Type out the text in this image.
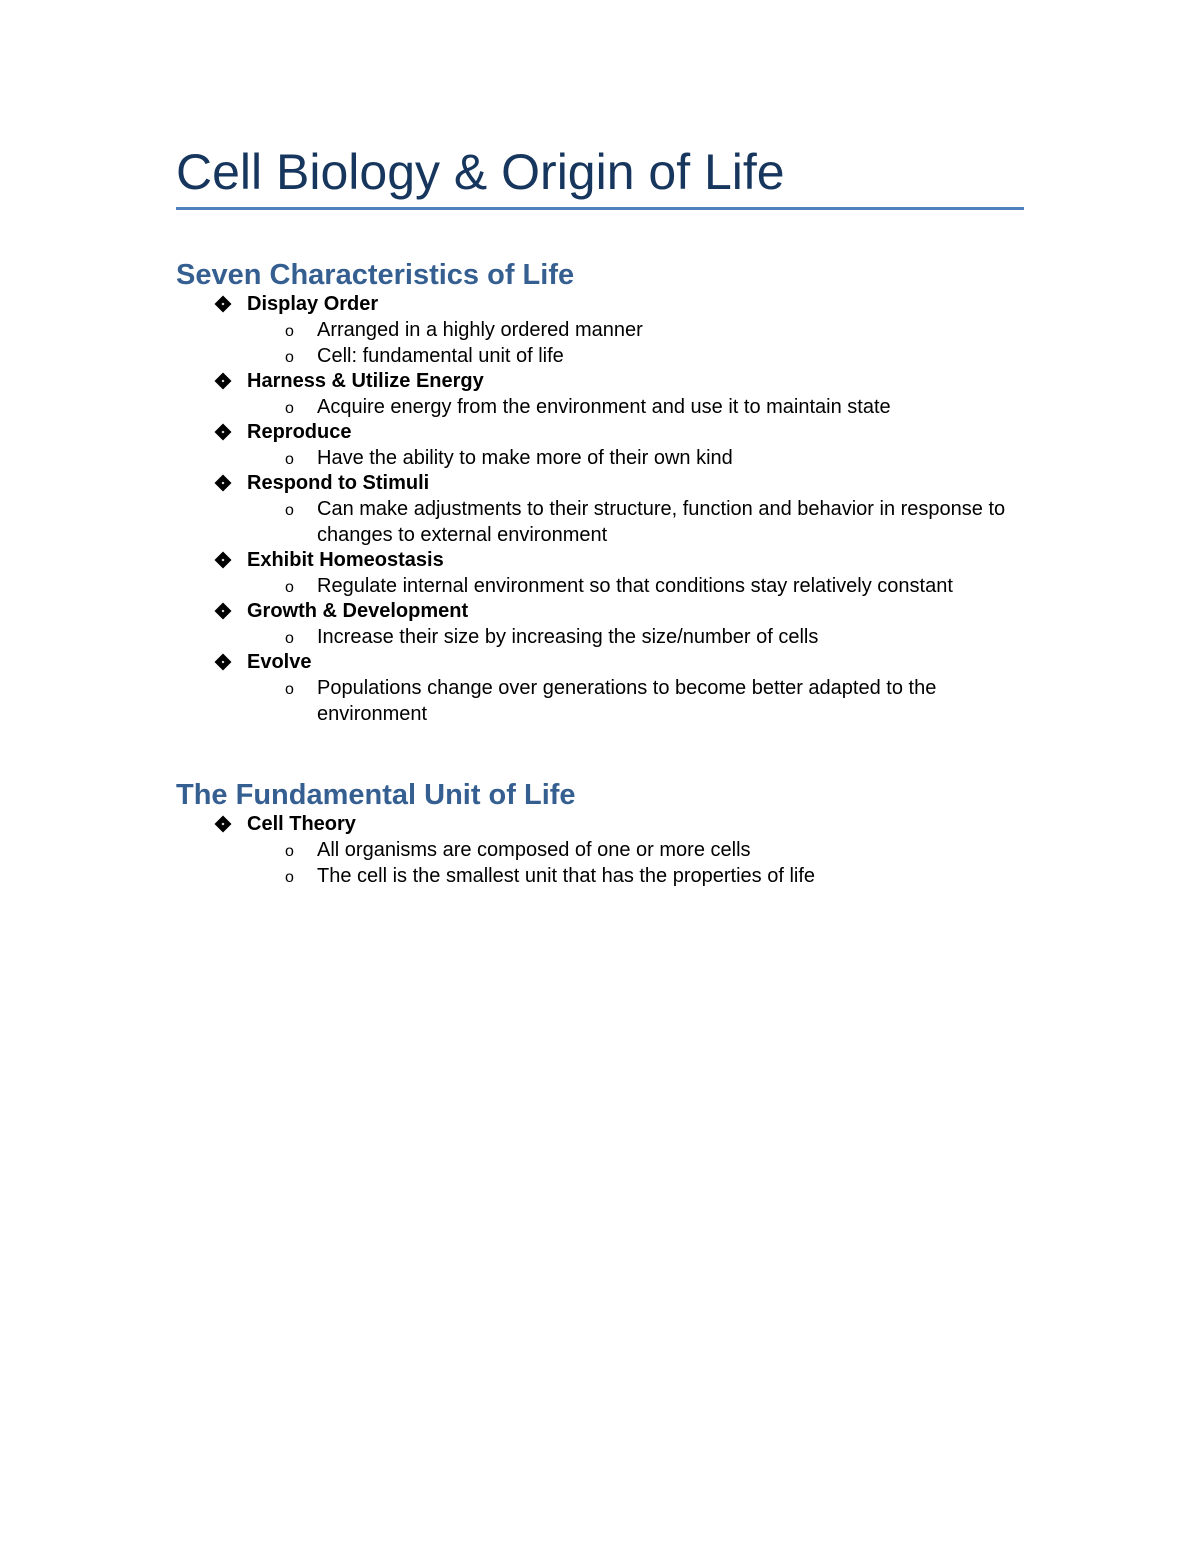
Cell Biology & Origin of Life
Seven Characteristics of Life
Display Order
o Arranged in a highly ordered manner
o Cell: fundamental unit of life
Harness & Utilize Energy
o Acquire energy from the environment and use it to maintain state
Reproduce
o Have the ability to make more of their own kind
Respond to Stimuli
o Can make adjustments to their structure, function and behavior in response to changes to external environment
Exhibit Homeostasis
o Regulate internal environment so that conditions stay relatively constant
Growth & Development
o Increase their size by increasing the size/number of cells
Evolve
o Populations change over generations to become better adapted to the environment
The Fundamental Unit of Life
Cell Theory
o All organisms are composed of one or more cells
o The cell is the smallest unit that has the properties of life
